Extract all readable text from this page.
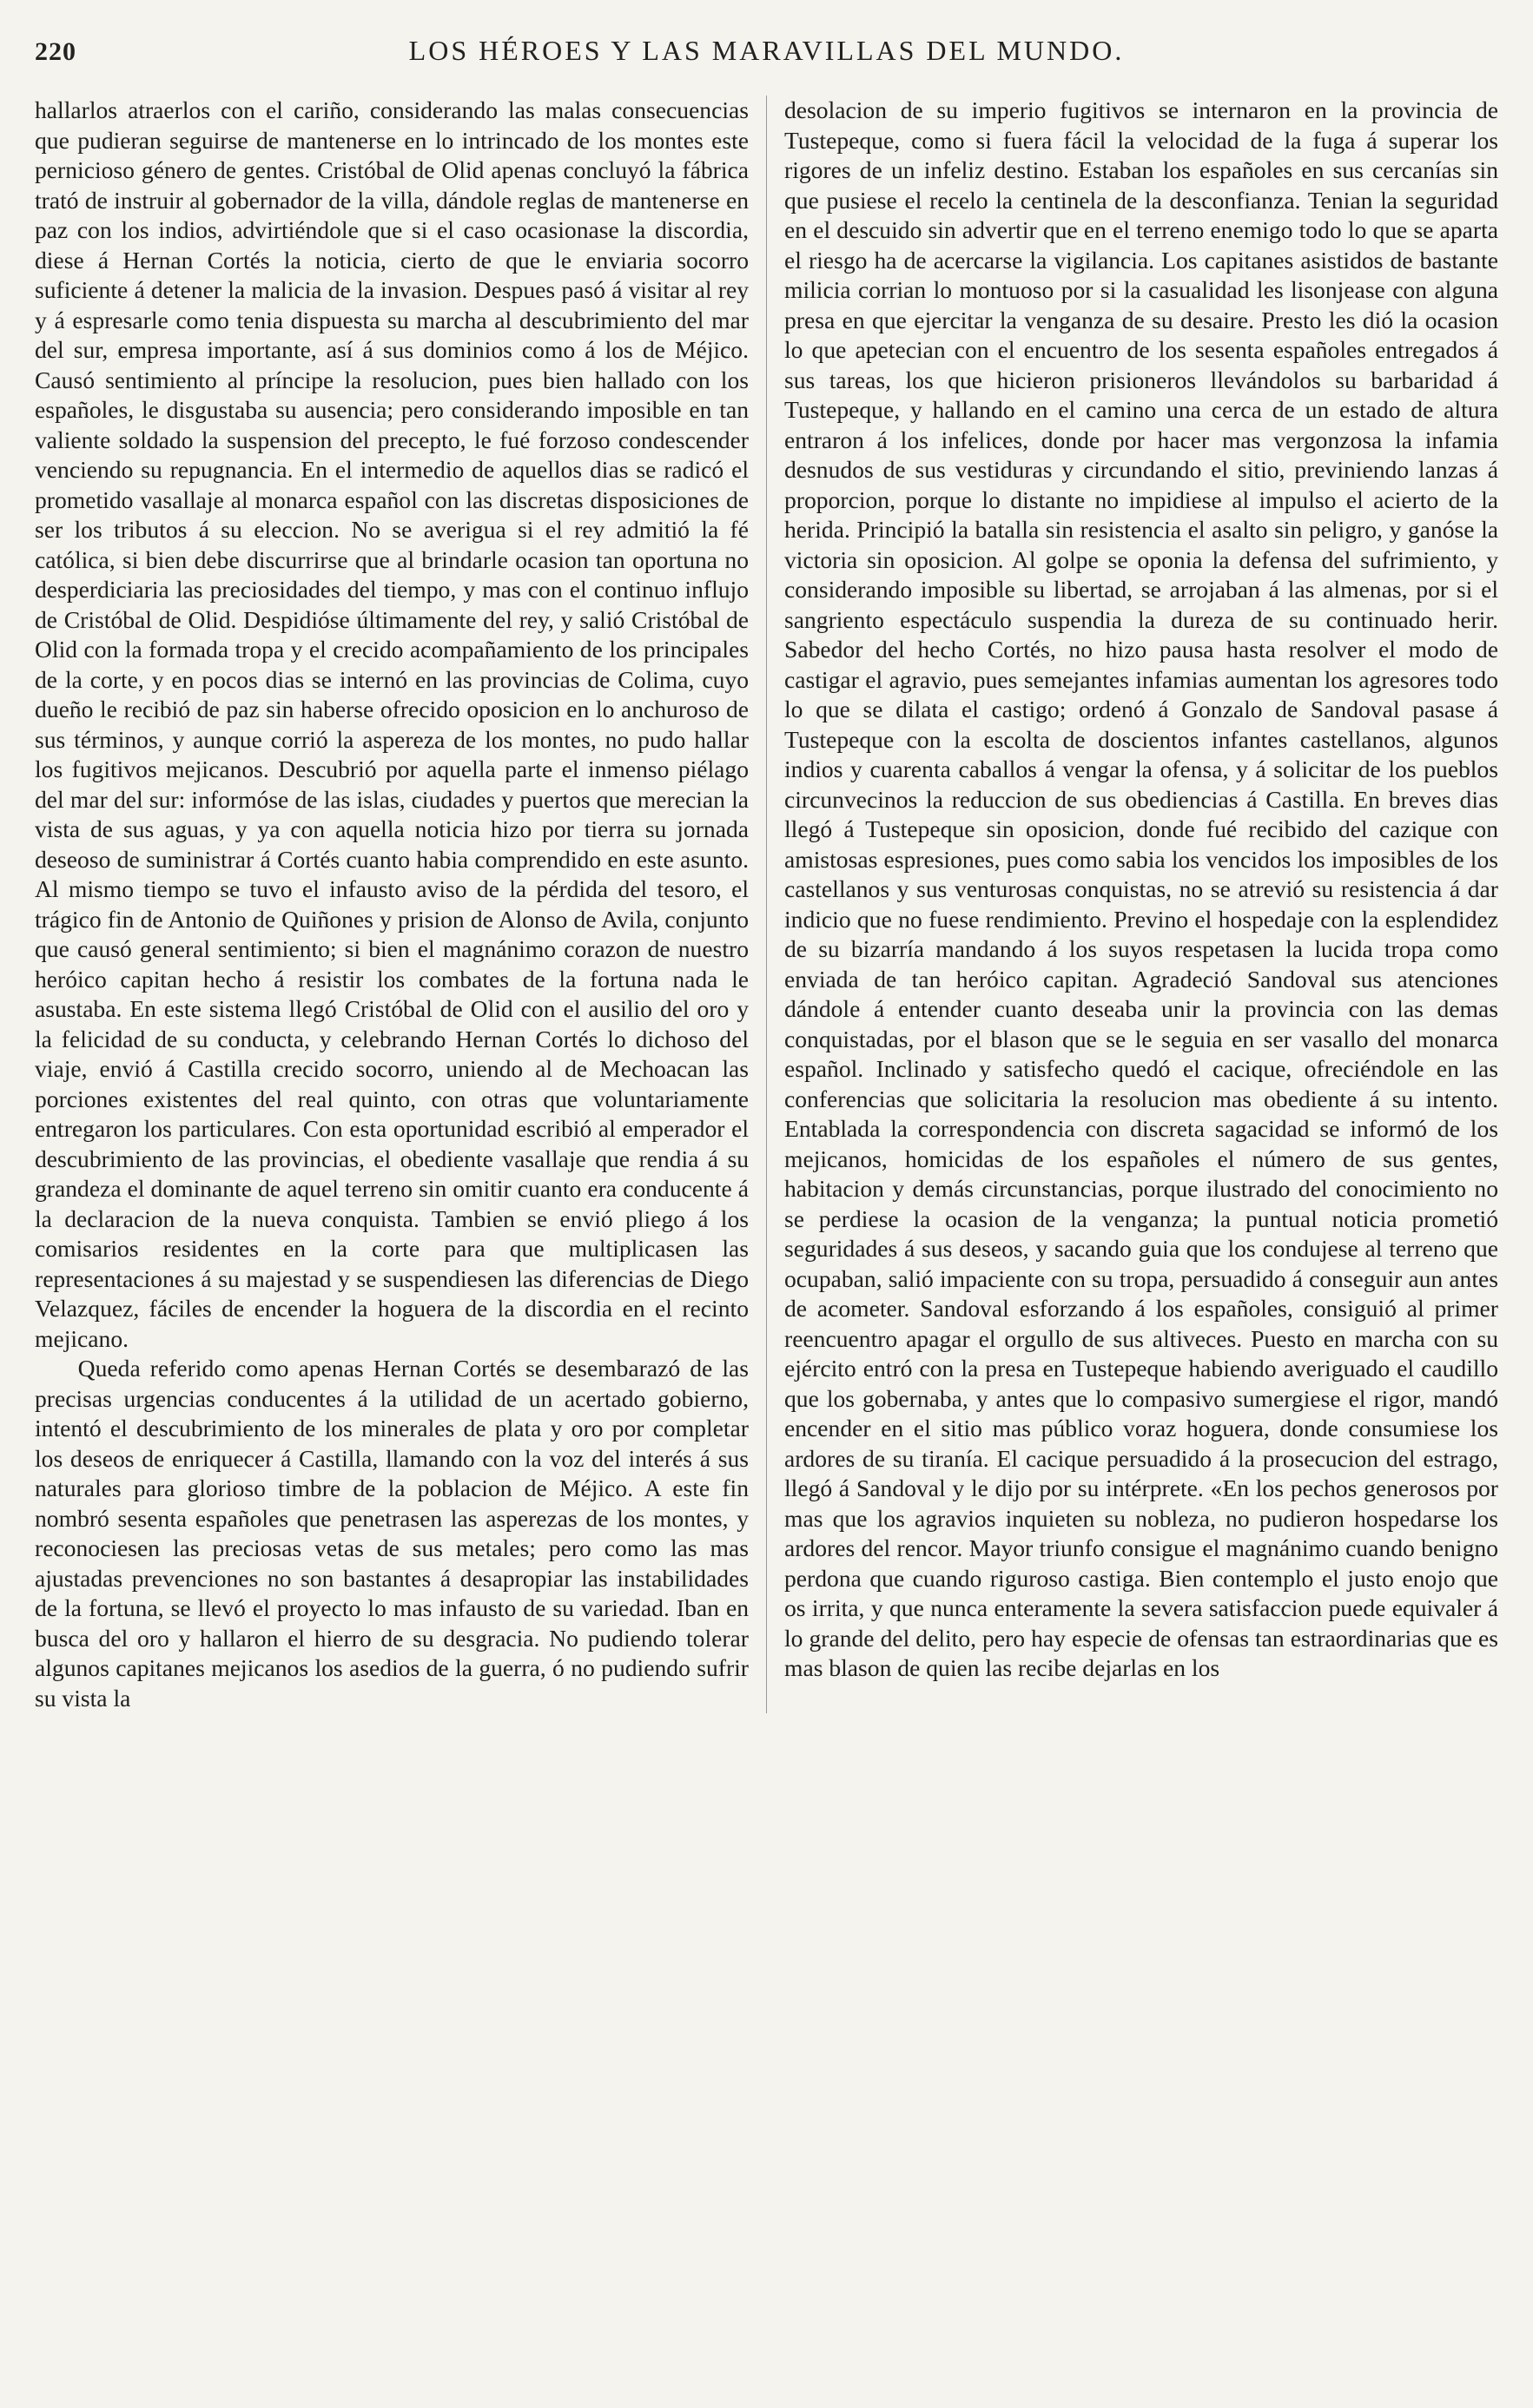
220	LOS HÉROES Y LAS MARAVILLAS DEL MUNDO.

hallarlos atraerlos con el cariño, considerando las malas consecuencias que pudieran seguirse de mantenerse en lo intrincado de los montes este pernicioso género de gentes. Cristóbal de Olid apenas concluyó la fábrica trató de instruir al gobernador de la villa, dándole reglas de mantenerse en paz con los indios, advirtiéndole que si el caso ocasionase la discordia, diese á Hernan Cortés la noticia, cierto de que le enviaria socorro suficiente á detener la malicia de la invasion. Despues pasó á visitar al rey y á espresarle como tenia dispuesta su marcha al descubrimiento del mar del sur, empresa importante, así á sus dominios como á los de Méjico. Causó sentimiento al príncipe la resolucion, pues bien hallado con los españoles, le disgustaba su ausencia; pero considerando imposible en tan valiente soldado la suspension del precepto, le fué forzoso condescender venciendo su repugnancia. En el intermedio de aquellos dias se radicó el prometido vasallaje al monarca español con las discretas disposiciones de ser los tributos á su eleccion. No se averigua si el rey admitió la fé católica, si bien debe discurrirse que al brindarle ocasion tan oportuna no desperdiciaria las preciosidades del tiempo, y mas con el continuo influjo de Cristóbal de Olid. Despidióse últimamente del rey, y salió Cristóbal de Olid con la formada tropa y el crecido acompañamiento de los principales de la corte, y en pocos dias se internó en las provincias de Colima, cuyo dueño le recibió de paz sin haberse ofrecido oposicion en lo anchuroso de sus términos, y aunque corrió la aspereza de los montes, no pudo hallar los fugitivos mejicanos. Descubrió por aquella parte el inmenso piélago del mar del sur: informóse de las islas, ciudades y puertos que merecian la vista de sus aguas, y ya con aquella noticia hizo por tierra su jornada deseoso de suministrar á Cortés cuanto habia comprendido en este asunto. Al mismo tiempo se tuvo el infausto aviso de la pérdida del tesoro, el trágico fin de Antonio de Quiñones y prision de Alonso de Avila, conjunto que causó general sentimiento; si bien el magnánimo corazon de nuestro heróico capitan hecho á resistir los combates de la fortuna nada le asustaba. En este sistema llegó Cristóbal de Olid con el ausilio del oro y la felicidad de su conducta, y celebrando Hernan Cortés lo dichoso del viaje, envió á Castilla crecido socorro, uniendo al de Mechoacan las porciones existentes del real quinto, con otras que voluntariamente entregaron los particulares. Con esta oportunidad escribió al emperador el descubrimiento de las provincias, el obediente vasallaje que rendia á su grandeza el dominante de aquel terreno sin omitir cuanto era conducente á la declaracion de la nueva conquista. Tambien se envió pliego á los comisarios residentes en la corte para que multiplicasen las representaciones á su majestad y se suspendiesen las diferencias de Diego Velazquez, fáciles de encender la hoguera de la discordia en el recinto mejicano.

Queda referido como apenas Hernan Cortés se desembarazó de las precisas urgencias conducentes á la utilidad de un acertado gobierno, intentó el descubrimiento de los minerales de plata y oro por completar los deseos de enriquecer á Castilla, llamando con la voz del interés á sus naturales para glorioso timbre de la poblacion de Méjico. A este fin nombró sesenta españoles que penetrasen las asperezas de los montes, y reconociesen las preciosas vetas de sus metales; pero como las mas ajustadas prevenciones no son bastantes á desapropiar las instabilidades de la fortuna, se llevó el proyecto lo mas infausto de su variedad. Iban en busca del oro y hallaron el hierro de su desgracia. No pudiendo tolerar algunos capitanes mejicanos los asedios de la guerra, ó no pudiendo sufrir su vista la

desolacion de su imperio fugitivos se internaron en la provincia de Tustepeque, como si fuera fácil la velocidad de la fuga á superar los rigores de un infeliz destino. Estaban los españoles en sus cercanías sin que pusiese el recelo la centinela de la desconfianza. Tenian la seguridad en el descuido sin advertir que en el terreno enemigo todo lo que se aparta el riesgo ha de acercarse la vigilancia. Los capitanes asistidos de bastante milicia corrian lo montuoso por si la casualidad les lisonjease con alguna presa en que ejercitar la venganza de su desaire. Presto les dió la ocasion lo que apetecian con el encuentro de los sesenta españoles entregados á sus tareas, los que hicieron prisioneros llevándolos su barbaridad á Tustepeque, y hallando en el camino una cerca de un estado de altura entraron á los infelices, donde por hacer mas vergonzosa la infamia desnudos de sus vestiduras y circundando el sitio, previniendo lanzas á proporcion, porque lo distante no impidiese al impulso el acierto de la herida. Principió la batalla sin resistencia el asalto sin peligro, y ganóse la victoria sin oposicion. Al golpe se oponia la defensa del sufrimiento, y considerando imposible su libertad, se arrojaban á las almenas, por si el sangriento espectáculo suspendia la dureza de su continuado herir. Sabedor del hecho Cortés, no hizo pausa hasta resolver el modo de castigar el agravio, pues semejantes infamias aumentan los agresores todo lo que se dilata el castigo; ordenó á Gonzalo de Sandoval pasase á Tustepeque con la escolta de doscientos infantes castellanos, algunos indios y cuarenta caballos á vengar la ofensa, y á solicitar de los pueblos circunvecinos la reduccion de sus obediencias á Castilla. En breves dias llegó á Tustepeque sin oposicion, donde fué recibido del cazique con amistosas espresiones, pues como sabia los vencidos los imposibles de los castellanos y sus venturosas conquistas, no se atrevió su resistencia á dar indicio que no fuese rendimiento. Previno el hospedaje con la esplendidez de su bizarría mandando á los suyos respetasen la lucida tropa como enviada de tan heróico capitan. Agradeció Sandoval sus atenciones dándole á entender cuanto deseaba unir la provincia con las demas conquistadas, por el blason que se le seguia en ser vasallo del monarca español. Inclinado y satisfecho quedó el cacique, ofreciéndole en las conferencias que solicitaria la resolucion mas obediente á su intento. Entablada la correspondencia con discreta sagacidad se informó de los mejicanos, homicidas de los españoles el número de sus gentes, habitacion y demás circunstancias, porque ilustrado del conocimiento no se perdiese la ocasion de la venganza; la puntual noticia prometió seguridades á sus deseos, y sacando guia que los condujese al terreno que ocupaban, salió impaciente con su tropa, persuadido á conseguir aun antes de acometer. Sandoval esforzando á los españoles, consiguió al primer reencuentro apagar el orgullo de sus altiveces. Puesto en marcha con su ejército entró con la presa en Tustepeque habiendo averiguado el caudillo que los gobernaba, y antes que lo compasivo sumergiese el rigor, mandó encender en el sitio mas público voraz hoguera, donde consumiese los ardores de su tiranía. El cacique persuadido á la prosecucion del estrago, llegó á Sandoval y le dijo por su intérprete. «En los pechos generosos por mas que los agravios inquieten su nobleza, no pudieron hospedarse los ardores del rencor. Mayor triunfo consigue el magnánimo cuando benigno perdona que cuando riguroso castiga. Bien contemplo el justo enojo que os irrita, y que nunca enteramente la severa satisfaccion puede equivaler á lo grande del delito, pero hay especie de ofensas tan estraordinarias que es mas blason de quien las recibe dejarlas en los
